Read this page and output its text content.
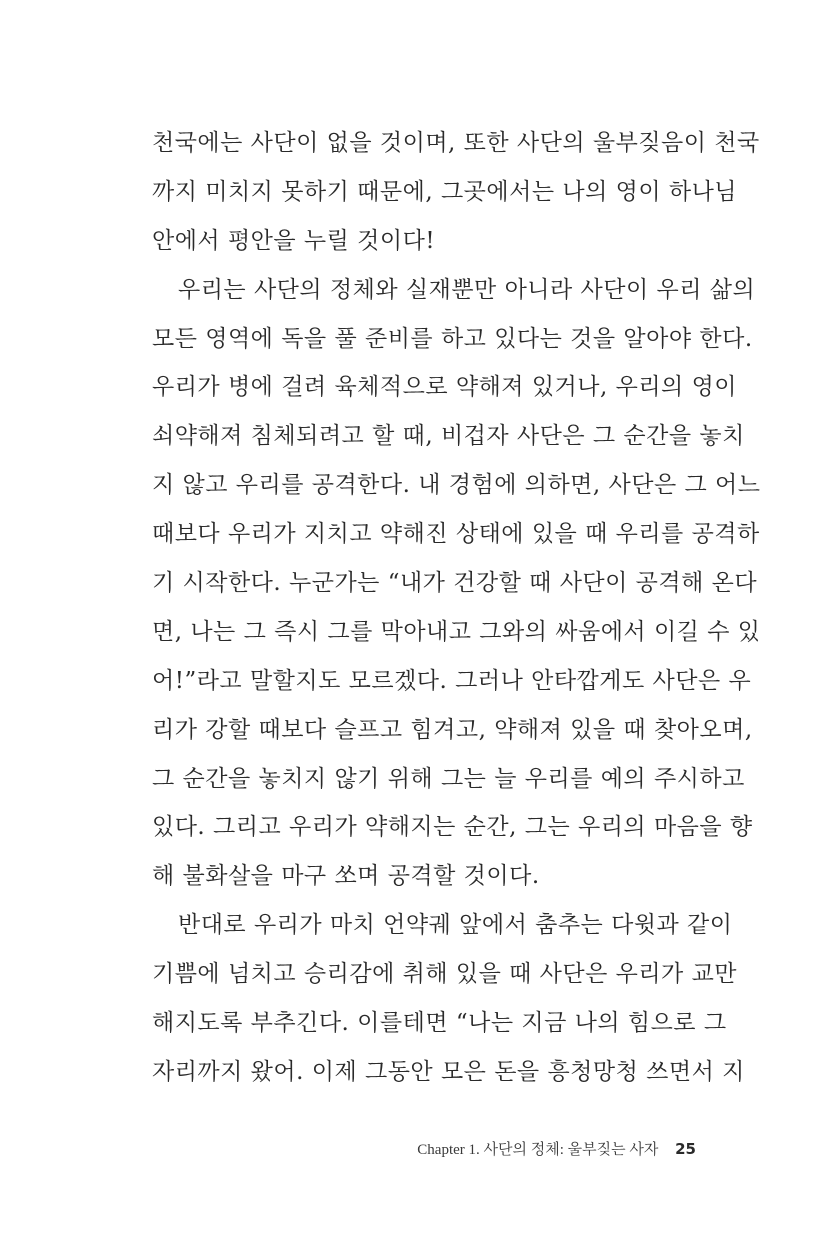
천국에는 사단이 없을 것이며, 또한 사단의 울부짖음이 천국
까지 미치지 못하기 때문에, 그곳에서는 나의 영이 하나님
안에서 평안을 누릴 것이다!
우리는 사단의 정체와 실재뿐만 아니라 사단이 우리 삶의
모든 영역에 독을 풀 준비를 하고 있다는 것을 알아야 한다.
우리가 병에 걸려 육체적으로 약해져 있거나, 우리의 영이
쇠약해져 침체되려고 할 때, 비겁자 사단은 그 순간을 놓치
지 않고 우리를 공격한다. 내 경험에 의하면, 사단은 그 어느
때보다 우리가 지치고 약해진 상태에 있을 때 우리를 공격하
기 시작한다. 누군가는 “내가 건강할 때 사단이 공격해 온다
면, 나는 그 즉시 그를 막아내고 그와의 싸움에서 이길 수 있
어!”라고 말할지도 모르겠다. 그러나 안타깝게도 사단은 우
리가 강할 때보다 슬프고 힘겨고, 약해져 있을 때 찾아오며,
그 순간을 놓치지 않기 위해 그는 늘 우리를 예의 주시하고
있다. 그리고 우리가 약해지는 순간, 그는 우리의 마음을 향
해 불화살을 마구 쏘며 공격할 것이다.
반대로 우리가 마치 언약궤 앞에서 춤추는 다윗과 같이
기쁨에 넘치고 승리감에 취해 있을 때 사단은 우리가 교만
해지도록 부추긴다. 이를테면 “나는 지금 나의 힘으로 그
자리까지 왔어. 이제 그동안 모은 돈을 흥청망청 쓰면서 지
Chapter 1. 사단의 정체: 울부짖는 사자 25
